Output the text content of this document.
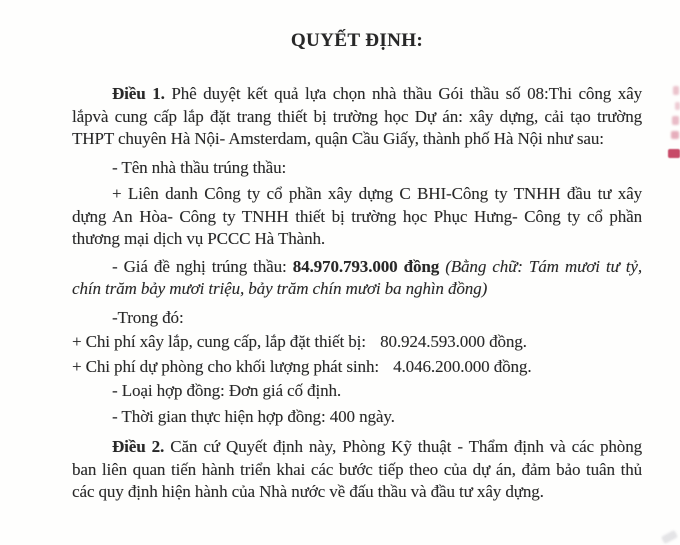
QUYẾT ĐỊNH:

Điều 1. Phê duyệt kết quả lựa chọn nhà thầu Gói thầu số 08:Thi công xây lắpvà cung cấp lắp đặt trang thiết bị trường học Dự án: xây dựng, cải tạo trường THPT chuyên Hà Nội- Amsterdam, quận Cầu Giấy, thành phố Hà Nội như sau:

- Tên nhà thầu trúng thầu:

+ Liên danh Công ty cổ phần xây dựng C BHI-Công ty TNHH đầu tư xây dựng An Hòa- Công ty TNHH thiết bị trường học Phục Hưng- Công ty cổ phần thương mại dịch vụ PCCC Hà Thành.

- Giá đề nghị trúng thầu: 84.970.793.000 đồng (Bằng chữ: Tám mươi tư tỷ, chín trăm bảy mươi triệu, bảy trăm chín mươi ba nghìn đồng)

-Trong đó:

+ Chi phí xây lắp, cung cấp, lắp đặt thiết bị: 80.924.593.000 đồng.

+ Chi phí dự phòng cho khối lượng phát sinh: 4.046.200.000 đồng.

- Loại hợp đồng: Đơn giá cố định.

- Thời gian thực hiện hợp đồng: 400 ngày.

Điều 2. Căn cứ Quyết định này, Phòng Kỹ thuật - Thẩm định và các phòng ban liên quan tiến hành triển khai các bước tiếp theo của dự án, đảm bảo tuân thủ các quy định hiện hành của Nhà nước về đấu thầu và đầu tư xây dựng.
